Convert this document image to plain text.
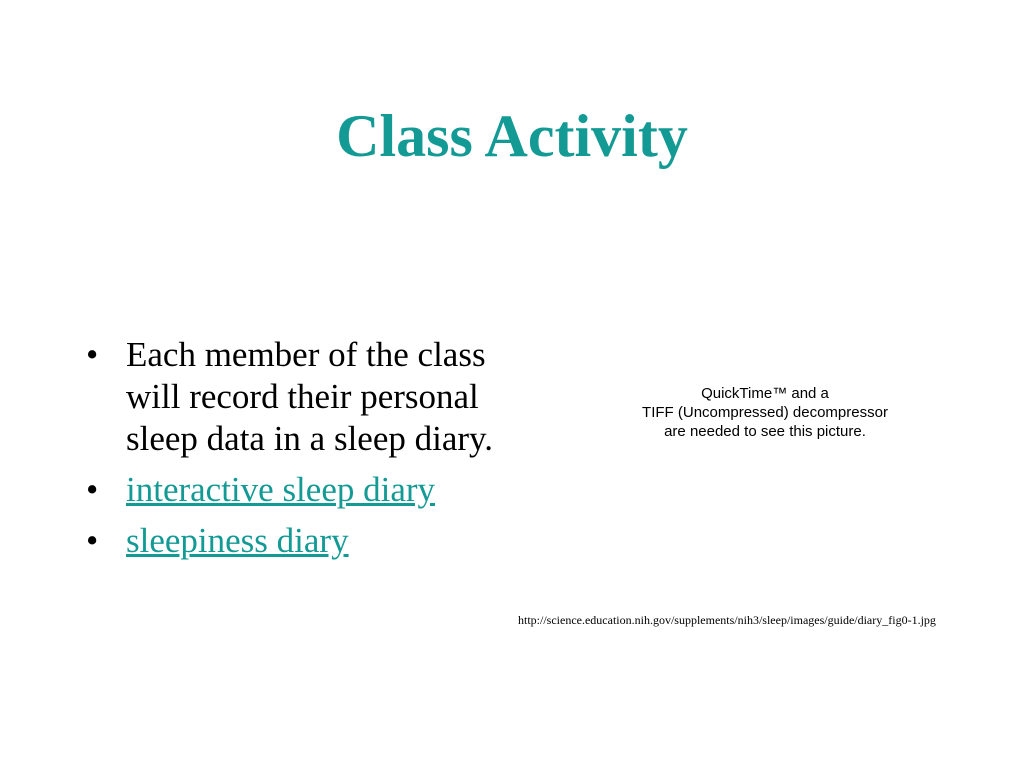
Class Activity
• Each member of the class will record their personal sleep data in a sleep diary.
• interactive sleep diary
• sleepiness diary
QuickTime™ and a
TIFF (Uncompressed) decompressor
are needed to see this picture.
http://science.education.nih.gov/supplements/nih3/sleep/images/guide/diary_fig0-1.jpg
